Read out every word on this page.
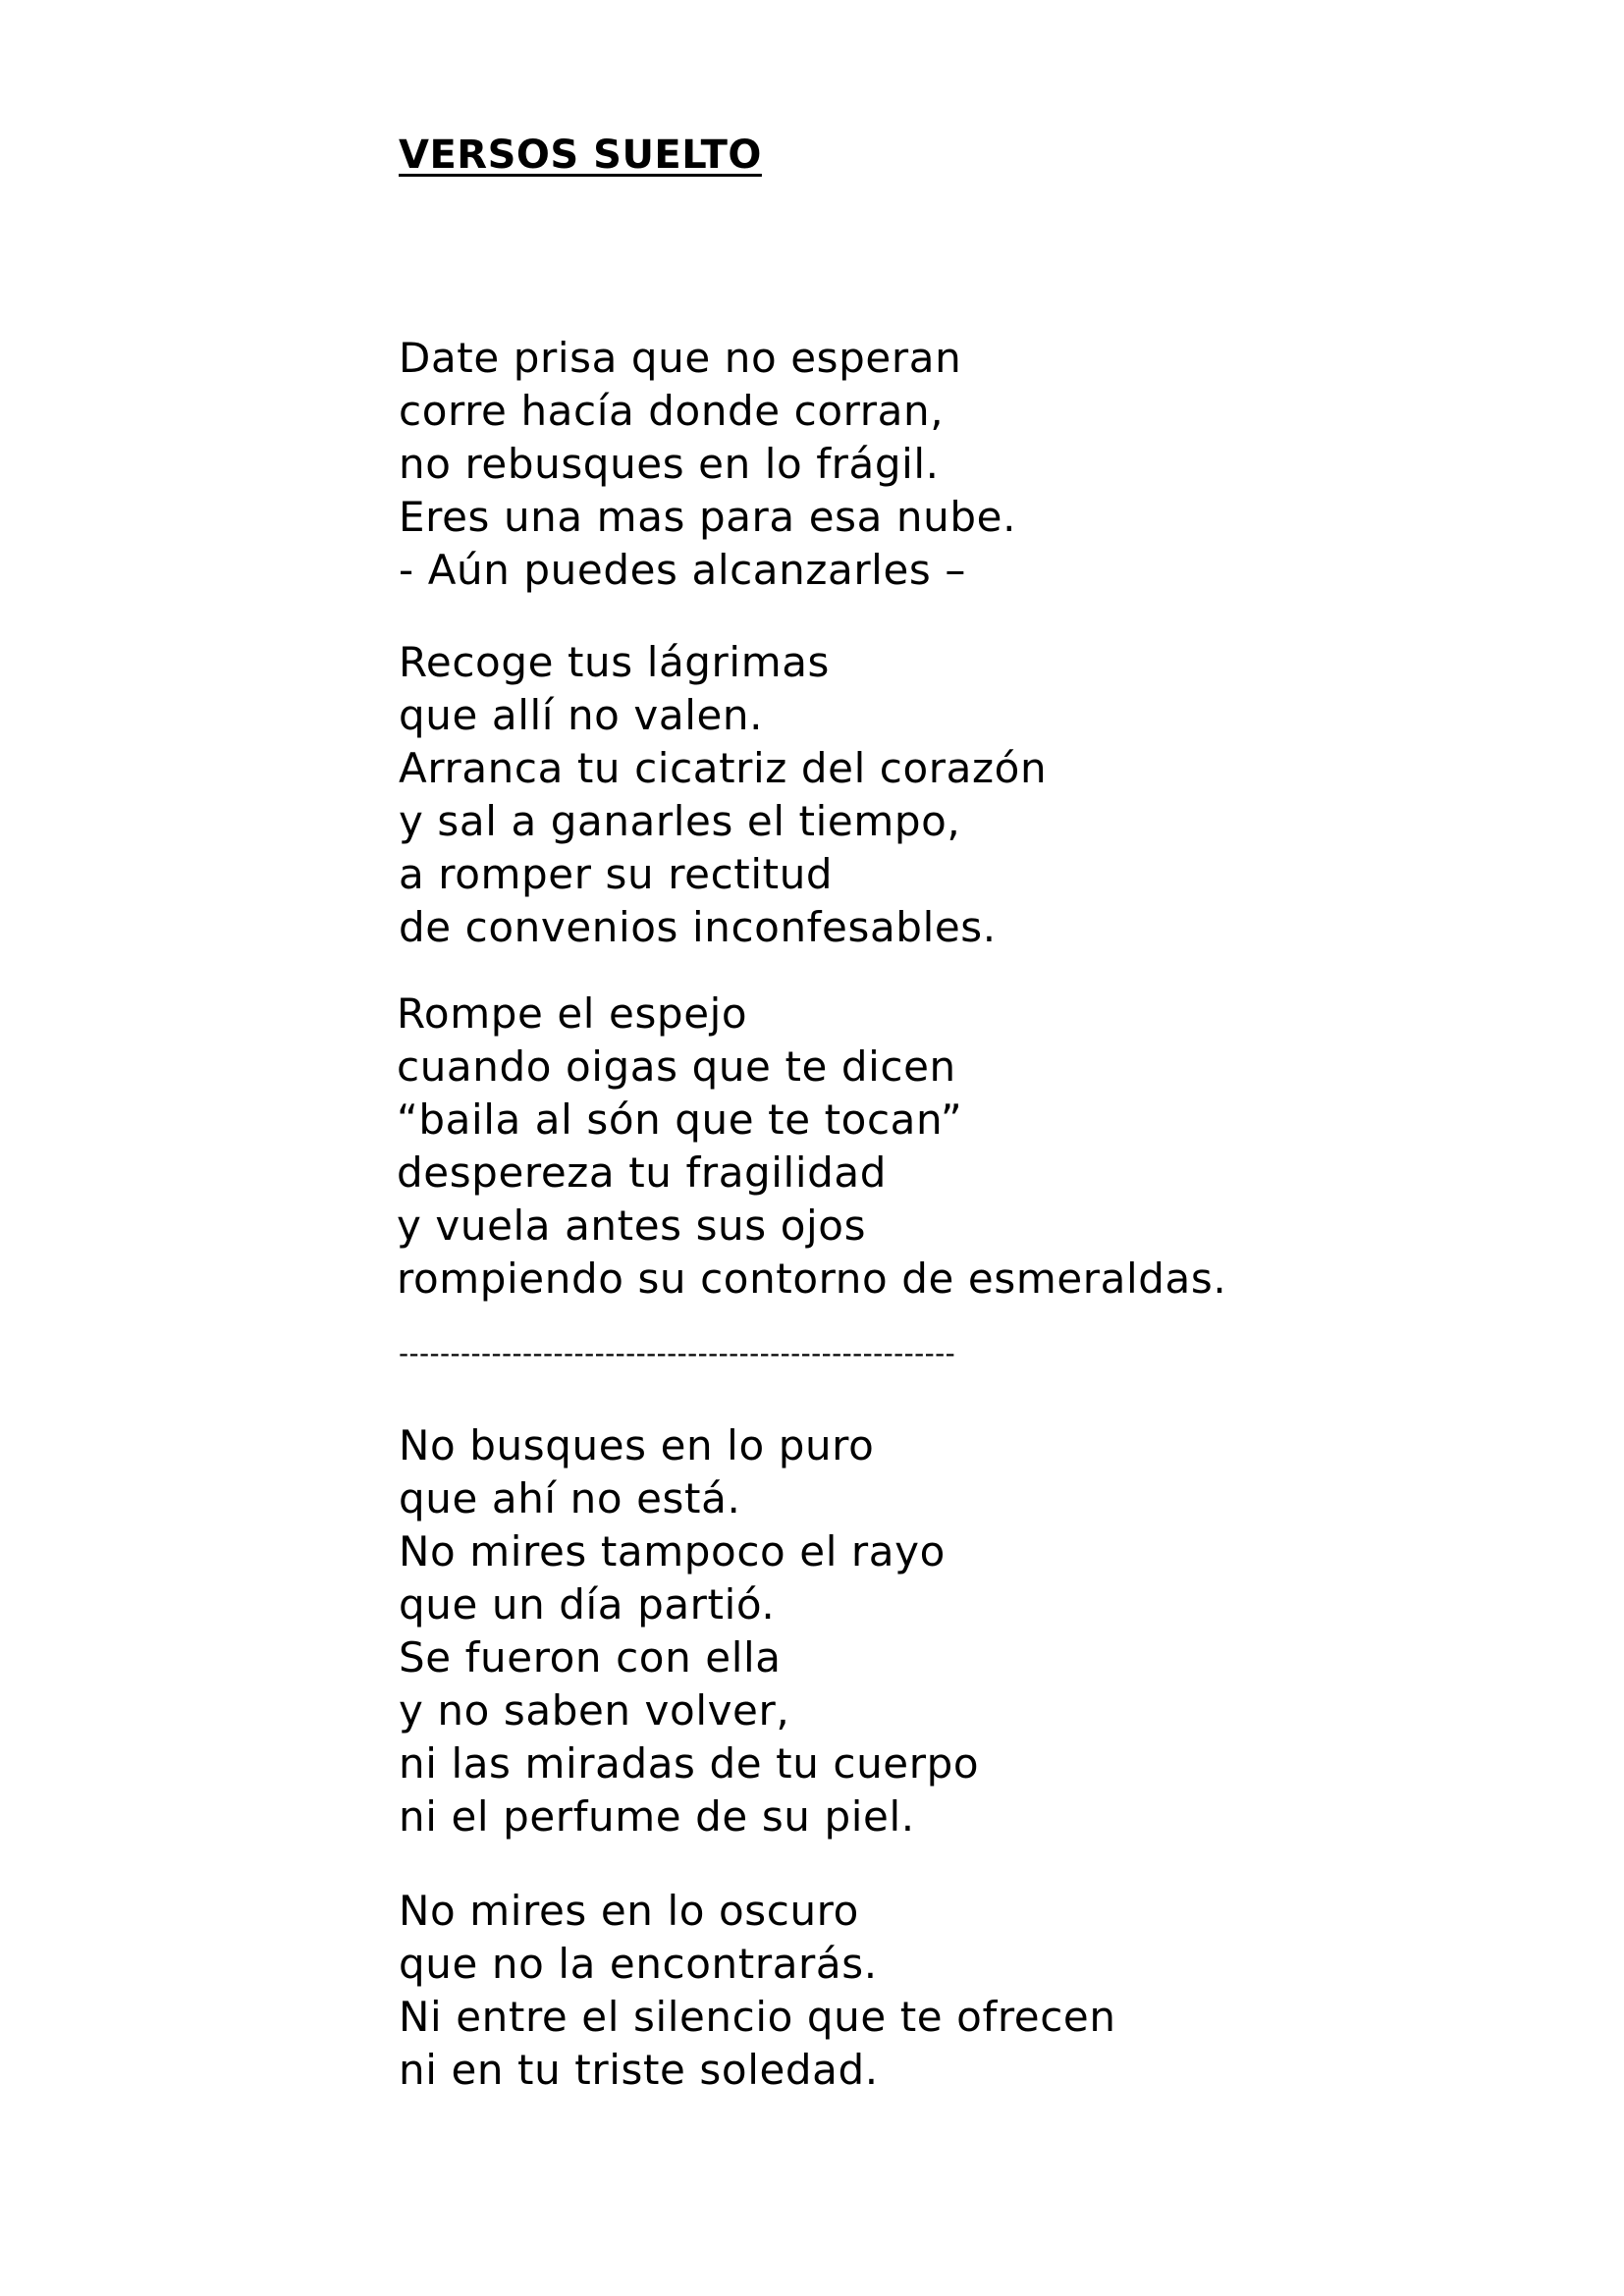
VERSOS SUELTO
Date prisa que no esperan
corre hacía donde corran,
no rebusques en lo frágil.
Eres una mas para esa nube.
- Aún puedes alcanzarles –
Recoge tus lágrimas
que allí no valen.
Arranca tu cicatriz del corazón
y sal a ganarles el tiempo,
a romper su rectitud
de convenios inconfesables.
Rompe el espejo
cuando oigas que te dicen
“baila al són que te tocan”
despereza tu fragilidad
y vuela antes sus ojos
rompiendo su contorno de esmeraldas.
------------------------------------------------------
No busques en lo puro
que ahí no está.
No mires tampoco el rayo
que un día partió.
Se fueron con ella
y no saben volver,
ni las miradas de tu cuerpo
ni el perfume de su piel.
No mires en lo oscuro
que no la encontrarás.
Ni entre el silencio que te ofrecen
ni en tu triste soledad.
